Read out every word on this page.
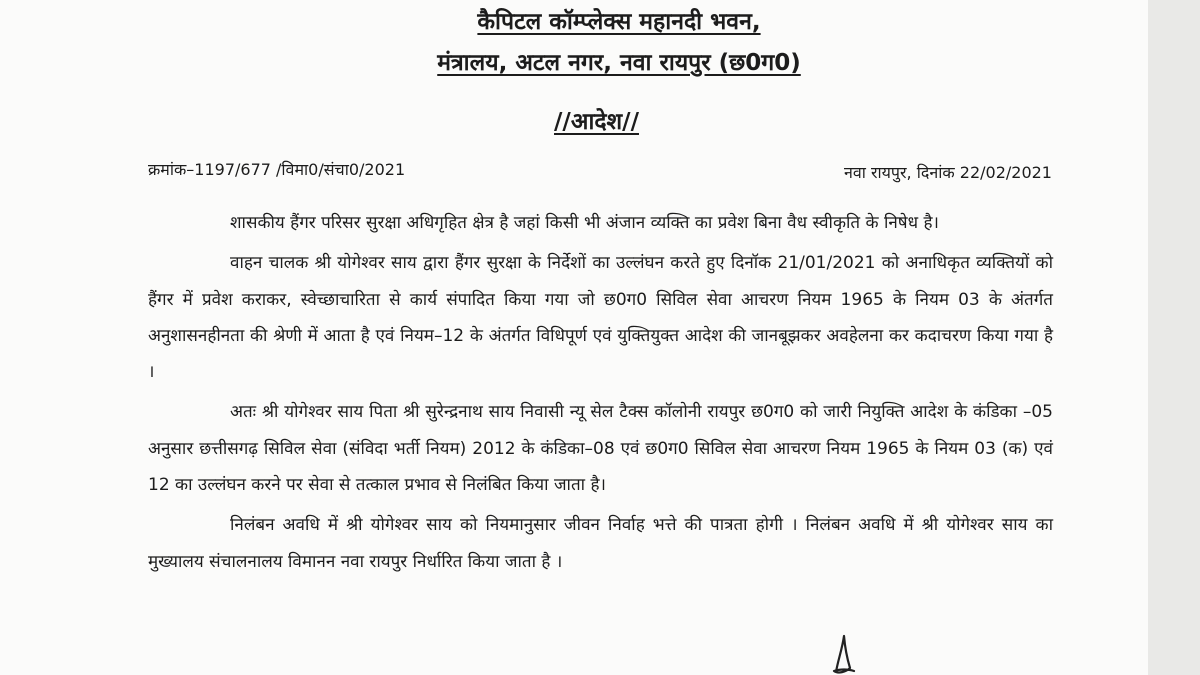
कैपिटल कॉम्प्लेक्स महानदी भवन,
मंत्रालय, अटल नगर, नवा रायपुर (छ0ग0)
//आदेश//
क्रमांक–1197/677 /विमा0/संचा0/2021	नवा रायपुर, दिनांक 22/02/2021

शासकीय हैंगर परिसर सुरक्षा अधिगृहित क्षेत्र है जहां किसी भी अंजान व्यक्ति का प्रवेश बिना वैध स्वीकृति के निषेध है।

वाहन चालक श्री योगेश्वर साय द्वारा हैंगर सुरक्षा के निर्देशों का उल्लंघन करते हुए दिनॉक 21/01/2021 को अनाधिकृत व्यक्तियों को हैंगर में प्रवेश कराकर, स्वेच्छाचारिता से कार्य संपादित किया गया जो छ0ग0 सिविल सेवा आचरण नियम 1965 के नियम 03 के अंतर्गत अनुशासनहीनता की श्रेणी में आता है एवं नियम–12 के अंतर्गत विधिपूर्ण एवं युक्तियुक्त आदेश की जानबूझकर अवहेलना कर कदाचरण किया गया है ।

अतः श्री योगेश्वर साय पिता श्री सुरेन्द्रनाथ साय निवासी न्यू सेल टैक्स कॉलोनी रायपुर छ0ग0 को जारी नियुक्ति आदेश के कंडिका –05 अनुसार छत्तीसगढ़ सिविल सेवा (संविदा भर्ती नियम) 2012 के कंडिका–08 एवं छ0ग0 सिविल सेवा आचरण नियम 1965 के नियम 03 (क) एवं 12 का उल्लंघन करने पर सेवा से तत्काल प्रभाव से निलंबित किया जाता है।

निलंबन अवधि में श्री योगेश्वर साय को नियमानुसार जीवन निर्वाह भत्ते की पात्रता होगी । निलंबन अवधि में श्री योगेश्वर साय का मुख्यालय संचालनालय विमानन नवा रायपुर निर्धारित किया जाता है ।
